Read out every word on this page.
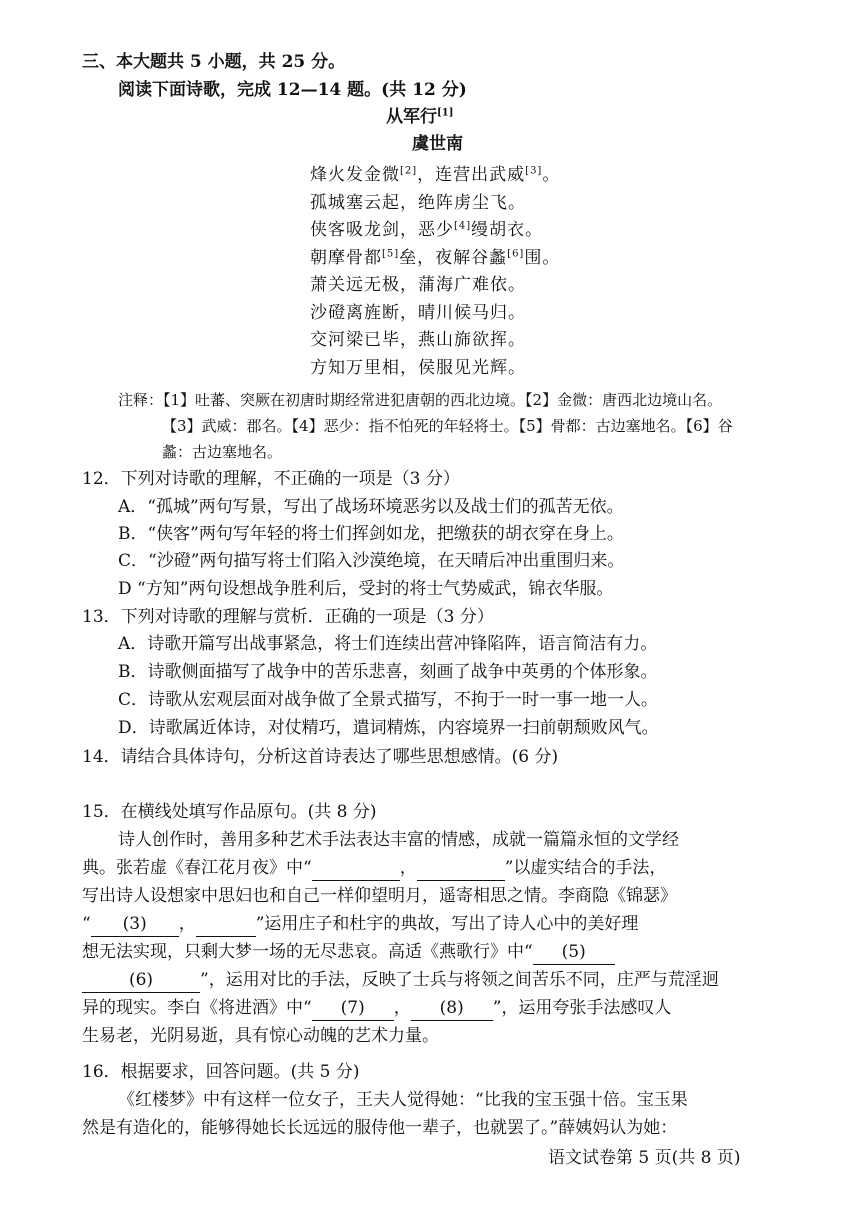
三、本大题共 5 小题，共 25 分。
阅读下面诗歌，完成 12—14 题。(共 12 分)
从军行[1]
虞世南
烽火发金微[2]，连营出武威[3]。
孤城塞云起，绝阵虏尘飞。
侠客吸龙剑，恶少[4]缦胡衣。
朝摩骨都[5]垒，夜解谷蠡[6]围。
萧关远无极，蒲海广难依。
沙磴离旌断，晴川候马归。
交河梁已毕，燕山旆欲挥。
方知万里相，侯服见光辉。
注释：【1】吐蕃、突厥在初唐时期经常进犯唐朝的西北边境。【2】金微：唐西北边境山名。
【3】武威：郡名。【4】恶少：指不怕死的年轻将士。【5】骨都：古边塞地名。【6】谷
蠡：古边塞地名。
12．下列对诗歌的理解，不正确的一项是（3 分）
A．“孤城”两句写景，写出了战场环境恶劣以及战士们的孤苦无依。
B．“侠客”两句写年轻的将士们挥剑如龙，把缴获的胡衣穿在身上。
C．“沙磴”两句描写将士们陷入沙漠绝境，在天晴后冲出重围归来。
D “方知”两句设想战争胜利后，受封的将士气势威武，锦衣华服。
13．下列对诗歌的理解与赏析．正确的一项是（3 分）
A．诗歌开篇写出战事紧急，将士们连续出营冲锋陷阵，语言简洁有力。
B．诗歌侧面描写了战争中的苦乐悲喜，刻画了战争中英勇的个体形象。
C．诗歌从宏观层面对战争做了全景式描写，不拘于一时一事一地一人。
D．诗歌属近体诗，对仗精巧，遣词精炼，内容境界一扫前朝颓败风气。
14．请结合具体诗句，分析这首诗表达了哪些思想感情。(6 分)
15．在横线处填写作品原句。(共 8 分)
诗人创作时，善用多种艺术手法表达丰富的情感，成就一篇篇永恒的文学经
典。张若虚《春江花月夜》中“	，	”以虚实结合的手法，
写出诗人设想家中思妇也和自己一样仰望明月，遥寄相思之情。李商隐《锦瑟》
“ (3) ，	”运用庄子和杜宇的典故，写出了诗人心中的美好理
想无法实现，只剩大梦一场的无尽悲哀。高适《燕歌行》中“ (5)
(6)	”，运用对比的手法，反映了士兵与将领之间苦乐不同，庄严与荒淫迥
异的现实。李白《将进酒》中“ (7) ， (8) ”，运用夸张手法感叹人
生易老，光阴易逝，具有惊心动魄的艺术力量。
16．根据要求，回答问题。(共 5 分)
《红楼梦》中有这样一位女子，王夫人觉得她：“比我的宝玉强十倍。宝玉果
然是有造化的，能够得她长长远远的服侍他一辈子，也就罢了。”薛姨妈认为她：
语文试卷第 5 页(共 8 页)
